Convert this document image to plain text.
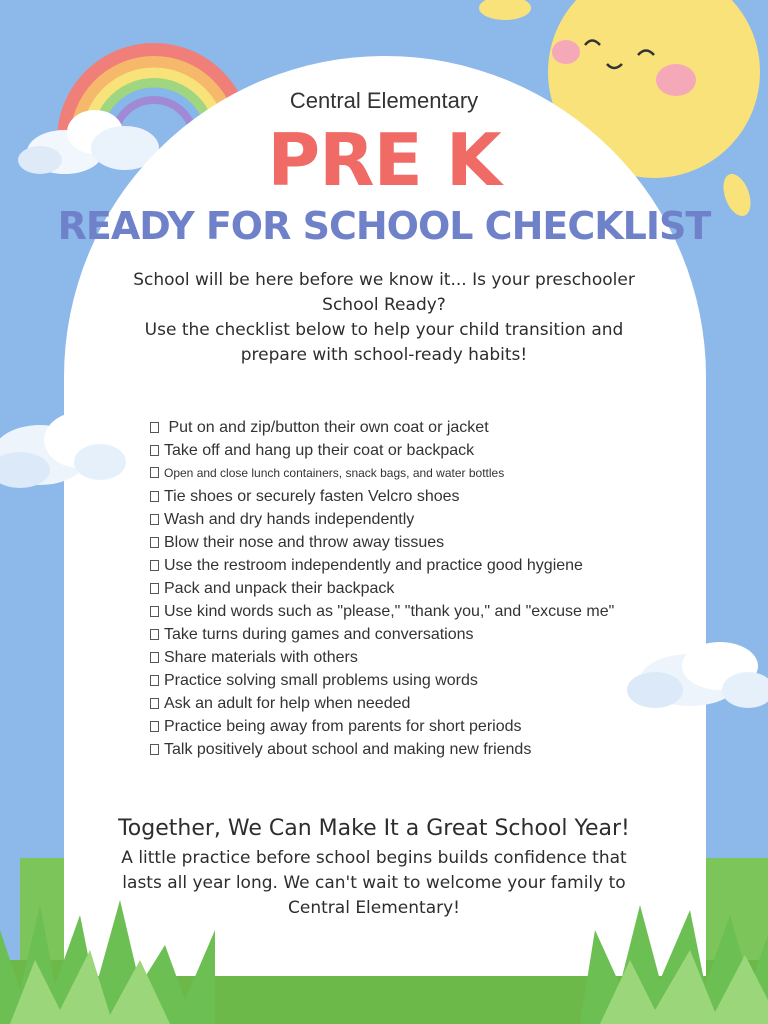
Central Elementary
PRE K
READY FOR SCHOOL CHECKLIST
School will be here before we know it... Is your preschooler
School Ready?
Use the checklist below to help your child transition and
prepare with school-ready habits!
Put on and zip/button their own coat or jacket
Take off and hang up their coat or backpack
Open and close lunch containers, snack bags, and water bottles
Tie shoes or securely fasten Velcro shoes
Wash and dry hands independently
Blow their nose and throw away tissues
Use the restroom independently and practice good hygiene
Pack and unpack their backpack
Use kind words such as "please," "thank you," and "excuse me"
Take turns during games and conversations
Share materials with others
Practice solving small problems using words
Ask an adult for help when needed
Practice being away from parents for short periods
Talk positively about school and making new friends
Together, We Can Make It a Great School Year!
A little practice before school begins builds confidence that
lasts all year long. We can't wait to welcome your family to
Central Elementary!
